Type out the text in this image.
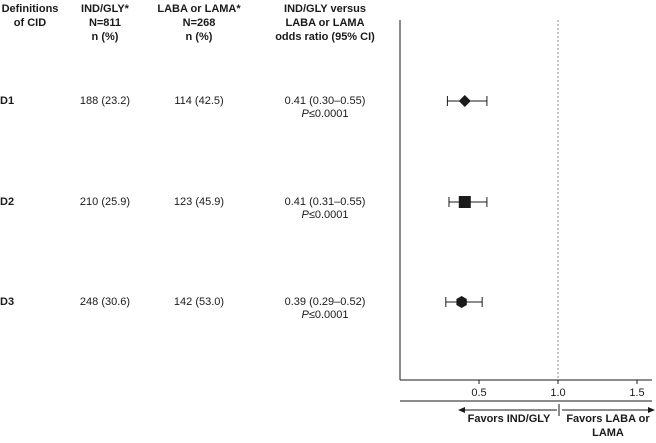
Definitions
of CID
IND/GLY*
N=811
n (%)
LABA or LAMA*
N=268
n (%)
IND/GLY versus
LABA or LAMA
odds ratio (95% CI)
D1	188 (23.2)	114 (42.5)	0.41 (0.30–0.55)
P≤0.0001
D2	210 (25.9)	123 (45.9)	0.41 (0.31–0.55)
P≤0.0001
D3	248 (30.6)	142 (53.0)	0.39 (0.29–0.52)
P≤0.0001
0.5	1.0	1.5
Favors IND/GLY	Favors LABA or
LAMA
